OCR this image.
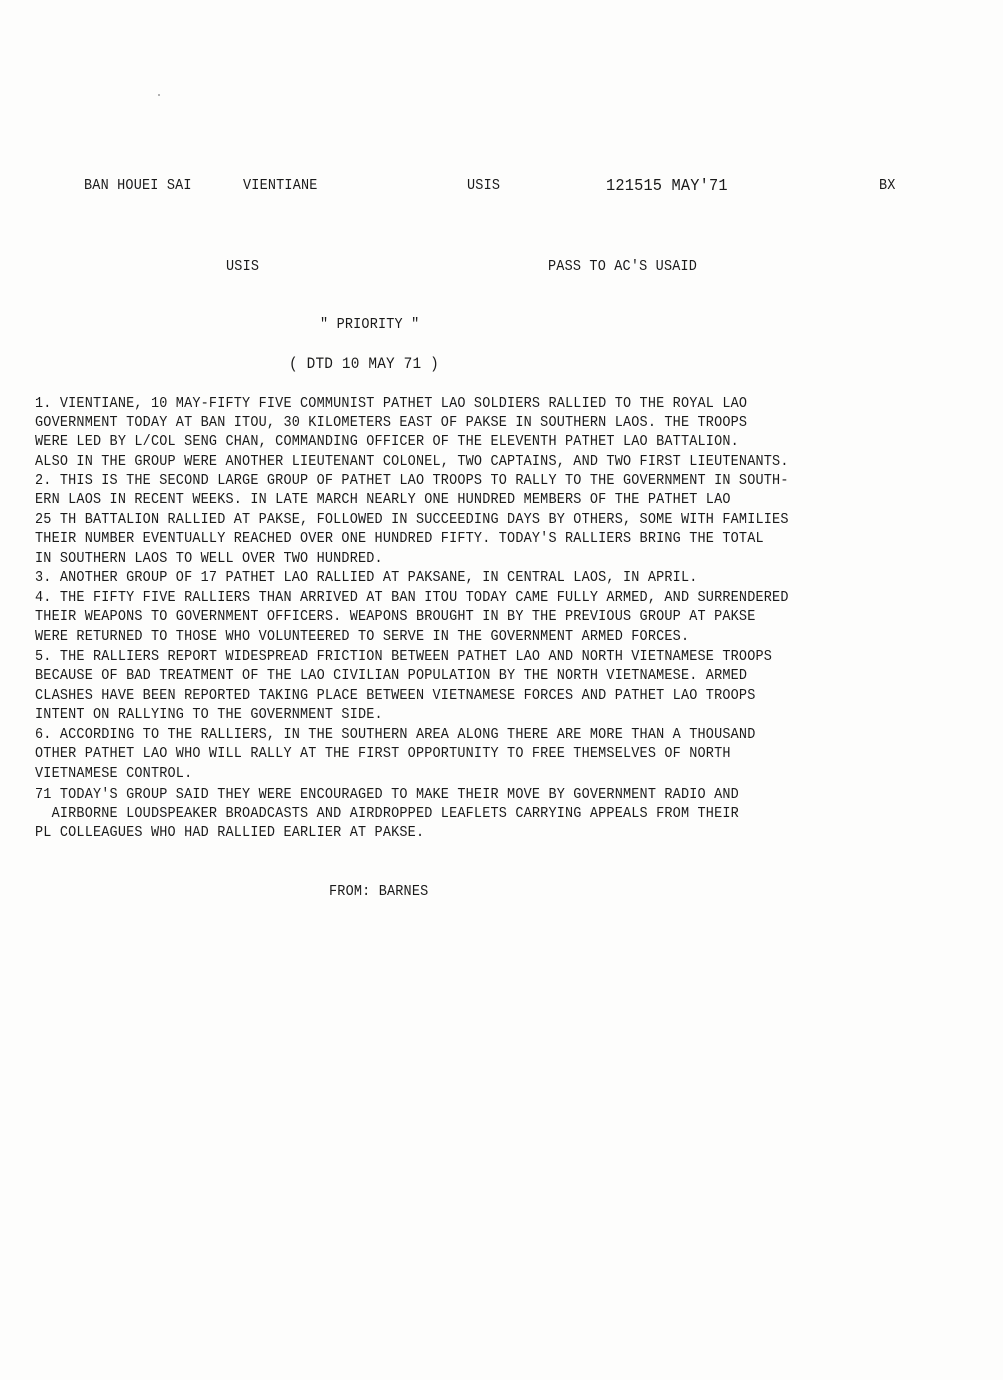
BAN HOUEI SAI	VIENTIANE	USIS	121515 MAY'71	BX
USIS	PASS TO AC'S USAID
" PRIORITY "
( DTD 10 MAY 71 )
1. VIENTIANE, 10 MAY-FIFTY FIVE COMMUNIST PATHET LAO SOLDIERS RALLIED TO THE ROYAL LAO
GOVERNMENT TODAY AT BAN ITOU, 30 KILOMETERS EAST OF PAKSE IN SOUTHERN LAOS. THE TROOPS
WERE LED BY L/COL SENG CHAN, COMMANDING OFFICER OF THE ELEVENTH PATHET LAO BATTALION.
ALSO IN THE GROUP WERE ANOTHER LIEUTENANT COLONEL, TWO CAPTAINS, AND TWO FIRST LIEUTENANTS.
2. THIS IS THE SECOND LARGE GROUP OF PATHET LAO TROOPS TO RALLY TO THE GOVERNMENT IN SOUTH-
ERN LAOS IN RECENT WEEKS. IN LATE MARCH NEARLY ONE HUNDRED MEMBERS OF THE PATHET LAO
25 TH BATTALION RALLIED AT PAKSE, FOLLOWED IN SUCCEEDING DAYS BY OTHERS, SOME WITH FAMILIES
THEIR NUMBER EVENTUALLY REACHED OVER ONE HUNDRED FIFTY. TODAY'S RALLIERS BRING THE TOTAL
IN SOUTHERN LAOS TO WELL OVER TWO HUNDRED.
3. ANOTHER GROUP OF 17 PATHET LAO RALLIED AT PAKSANE, IN CENTRAL LAOS, IN APRIL.
4. THE FIFTY FIVE RALLIERS THAN ARRIVED AT BAN ITOU TODAY CAME FULLY ARMED, AND SURRENDERED
THEIR WEAPONS TO GOVERNMENT OFFICERS. WEAPONS BROUGHT IN BY THE PREVIOUS GROUP AT PAKSE
WERE RETURNED TO THOSE WHO VOLUNTEERED TO SERVE IN THE GOVERNMENT ARMED FORCES.
5. THE RALLIERS REPORT WIDESPREAD FRICTION BETWEEN PATHET LAO AND NORTH VIETNAMESE TROOPS
BECAUSE OF BAD TREATMENT OF THE LAO CIVILIAN POPULATION BY THE NORTH VIETNAMESE. ARMED
CLASHES HAVE BEEN REPORTED TAKING PLACE BETWEEN VIETNAMESE FORCES AND PATHET LAO TROOPS
INTENT ON RALLYING TO THE GOVERNMENT SIDE.
6. ACCORDING TO THE RALLIERS, IN THE SOUTHERN AREA ALONG THERE ARE MORE THAN A THOUSAND
OTHER PATHET LAO WHO WILL RALLY AT THE FIRST OPPORTUNITY TO FREE THEMSELVES OF NORTH
VIETNAMESE CONTROL.
71 TODAY'S GROUP SAID THEY WERE ENCOURAGED TO MAKE THEIR MOVE BY GOVERNMENT RADIO AND
AIRBORNE LOUDSPEAKER BROADCASTS AND AIRDROPPED LEAFLETS CARRYING APPEALS FROM THEIR
PL COLLEAGUES WHO HAD RALLIED EARLIER AT PAKSE.
FROM: BARNES
